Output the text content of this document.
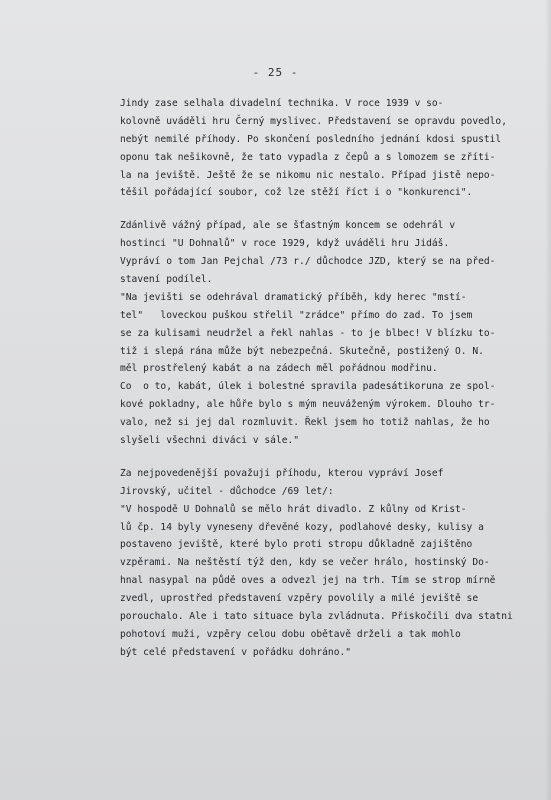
- 25 -
Jindy zase selhala divadelní technika. V roce 1939 v so-
kolovně uváděli hru Černý myslivec. Představení se opravdu povedlo,
nebýt nemilé příhody. Po skončení posledního jednání kdosi spustil
oponu tak nešikovně, že tato vypadla z čepů a s lomozem se zříti-
la na jeviště. Ještě že se nikomu nic nestalo. Případ jistě nepo-
těšil pořádající soubor, což lze stěží říct i o "konkurenci".
Zdánlivě vážný případ, ale se šťastným koncem se odehrál v
hostinci "U Dohnalů" v roce 1929, když uváděli hru Jidáš.
Vypráví o tom Jan Pejchal /73 r./ důchodce JZD, který se na před-
stavení podílel.
"Na jevišti se odehrával dramatický příběh, kdy herec "mstí-
tel"   loveckou puškou střelil "zrádce" přímo do zad. To jsem
se za kulisami neudržel a řekl nahlas - to je blbec! V blízku to-
tiž i slepá rána může být nebezpečná. Skutečně, postižený O. N.
měl prostřelený kabát a na zádech měl pořádnou modřinu.
Co  o to, kabát, úlek i bolestné spravila padesátikoruna ze spol-
kové pokladny, ale hůře bylo s mým neuváženým výrokem. Dlouho tr-
valo, než si jej dal rozmluvit. Řekl jsem ho totiž nahlas, že ho
slyšeli všechni diváci v sále."
Za nejpovedenější považuji příhodu, kterou vypráví Josef
Jirovský, učitel - důchodce /69 let/:
"V hospodě U Dohnalů se mělo hrát divadlo. Z kůlny od Krist-
lů čp. 14 byly vyneseny dřevěné kozy, podlahové desky, kulisy a
postaveno jeviště, které bylo proti stropu důkladně zajištěno
vzpěrami. Na neštěstí týž den, kdy se večer hrálo, hostinský Do-
hnal nasypal na půdě oves a odvezl jej na trh. Tím se strop mírně
zvedl, uprostřed představení vzpěry povolily a milé jeviště se
porouchalo. Ale i tato situace byla zvládnuta. Přiskočili dva statni
pohotoví muži, vzpěry celou dobu obětavě drželi a tak mohlo
být celé představení v pořádku dohráno."
